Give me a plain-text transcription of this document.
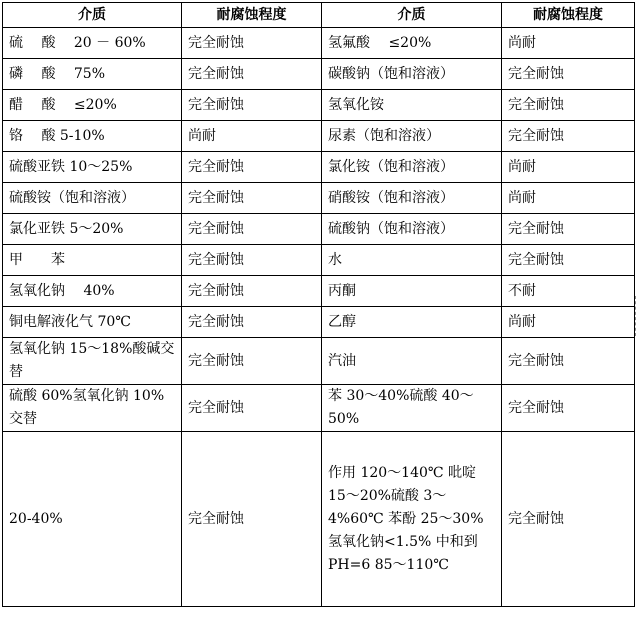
介质	耐腐蚀程度	介质	耐腐蚀程度
硫　 酸　 20 － 60%	完全耐蚀	氢氟酸　 ≤20%	尚耐
磷　 酸　 75%	完全耐蚀	碳酸钠（饱和溶液）	完全耐蚀
醋　 酸　 ≤20%	完全耐蚀	氢氧化铵	完全耐蚀
铬　 酸 5-10%	尚耐	尿素（饱和溶液）	完全耐蚀
硫酸亚铁 10～25%	完全耐蚀	氯化铵（饱和溶液）	尚耐
硫酸铵（饱和溶液）	完全耐蚀	硝酸铵（饱和溶液）	尚耐
氯化亚铁 5～20%	完全耐蚀	硫酸钠（饱和溶液）	完全耐蚀
甲　　苯	完全耐蚀	水	完全耐蚀
氢氧化钠　 40%	完全耐蚀	丙酮	不耐
铜电解液化气 70℃	完全耐蚀	乙醇	尚耐
氢氧化钠 15～18%酸碱交替	完全耐蚀	汽油	完全耐蚀
硫酸 60%氢氧化钠 10%交替	完全耐蚀	苯 30～40%硫酸 40～50%	完全耐蚀
20-40%	完全耐蚀	作用 120～140℃ 吡啶 15～20%硫酸 3～4%60℃ 苯酚 25～30%氢氧化钠<1.5% 中和到 PH=6 85～110℃	完全耐蚀
